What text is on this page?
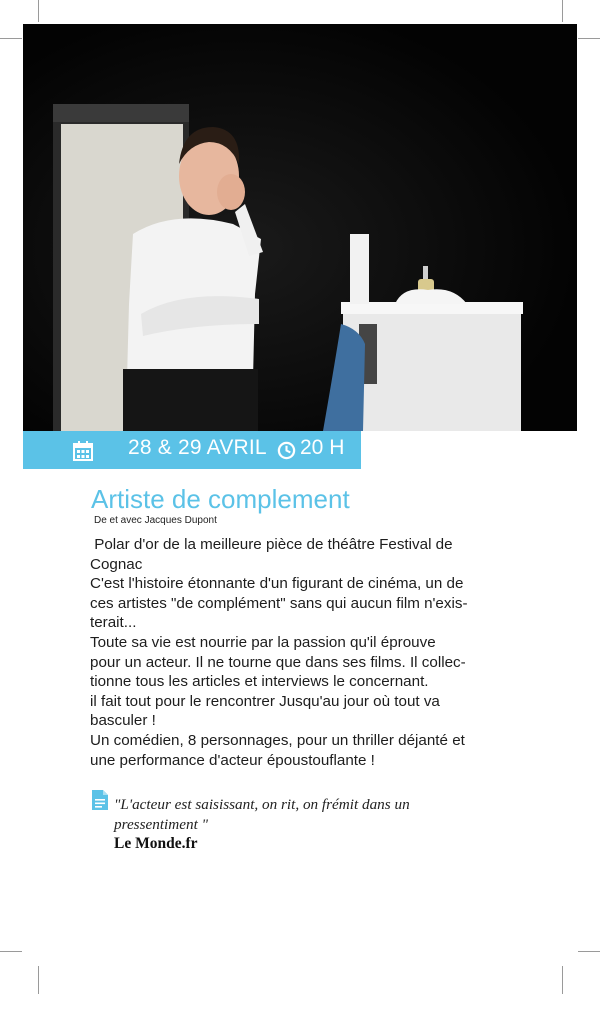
28 & 29 AVRIL 20 H
Artiste de complement
De et avec Jacques Dupont

Polar d'or de la meilleure pièce de théâtre Festival de
Cognac

C'est l'histoire étonnante d'un figurant de cinéma, un de
ces artistes "de complément" sans qui aucun film n'exis-
terait...

Toute sa vie est nourrie par la passion qu'il éprouve
pour un acteur. Il ne tourne que dans ses films. Il collec-
tionne tous les articles et interviews le concernant.

il fait tout pour le rencontrer Jusqu'au jour où tout va
basculer !

Un comédien, 8 personnages, pour un thriller déjanté et
une performance d'acteur époustouflante !

"L'acteur est saisissant, on rit, on frémit dans un pressentiment "
Le Monde.fr
